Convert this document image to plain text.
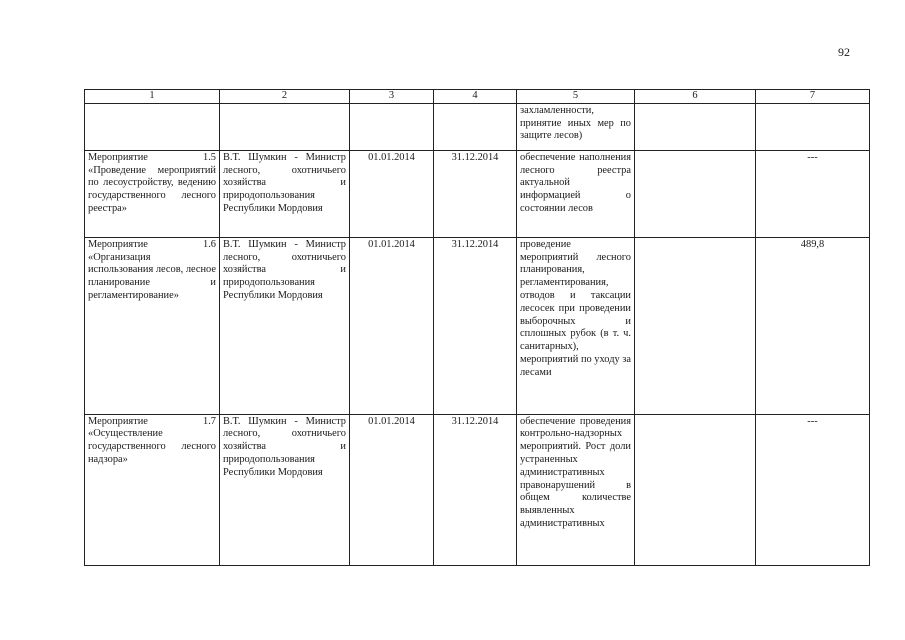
92
1	2	3	4	5	6	7
				захламленности, принятие иных мер по защите лесов)		
Мероприятие 1.5 «Проведение мероприятий по лесоустройству, ведению государственного лесного реестра»	В.Т. Шумкин - Министр лесного, охотничьего хозяйства и природопользования Республики Мордовия	01.01.2014	31.12.2014	обеспечение наполнения лесного реестра актуальной информацией о состоянии лесов		---
Мероприятие 1.6 «Организация использования лесов, лесное планирование и регламентирование»	В.Т. Шумкин - Министр лесного, охотничьего хозяйства и природопользования Республики Мордовия	01.01.2014	31.12.2014	проведение мероприятий лесного планирования, регламентирования, отводов и таксации лесосек при проведении выборочных и сплошных рубок (в т. ч. санитарных), мероприятий по уходу за лесами		489,8
Мероприятие 1.7 «Осуществление государственного лесного надзора»	В.Т. Шумкин - Министр лесного, охотничьего хозяйства и природопользования Республики Мордовия	01.01.2014	31.12.2014	обеспечение проведения контрольно-надзорных мероприятий. Рост доли устраненных административных правонарушений в общем количестве выявленных административных		---
